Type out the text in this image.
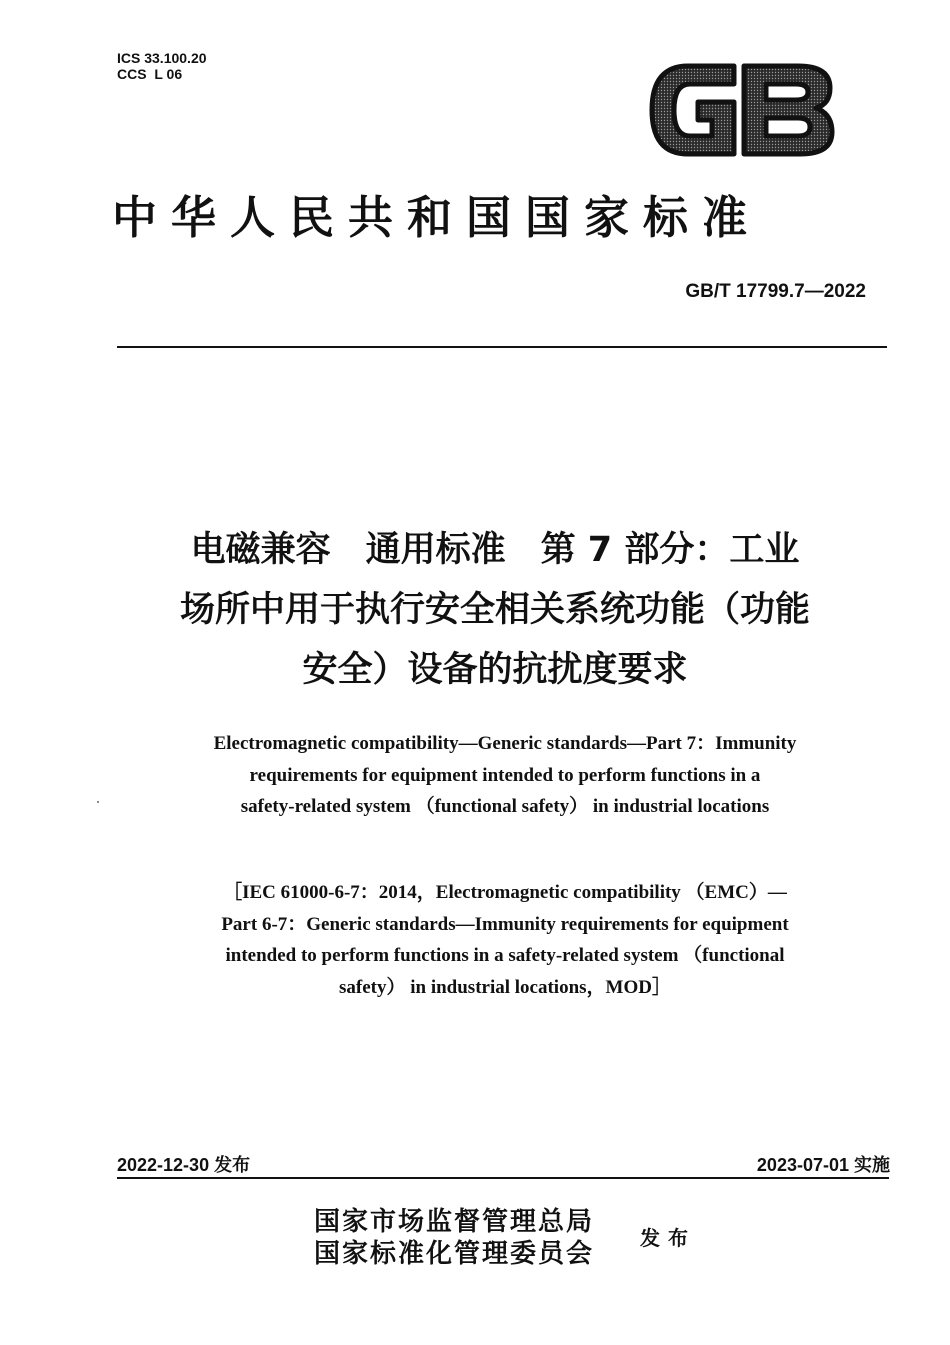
ICS 33.100.20
CCS  L 06
中华人民共和国国家标准
GB/T 17799.7—2022
电磁兼容　通用标准　第 7 部分：工业
场所中用于执行安全相关系统功能（功能
安全）设备的抗扰度要求
Electromagnetic compatibility—Generic standards—Part 7：Immunity
requirements for equipment intended to perform functions in a
safety-related system （functional safety） in industrial locations
［IEC 61000-6-7：2014，Electromagnetic compatibility （EMC）—
Part 6-7：Generic standards—Immunity requirements for equipment
intended to perform functions in a safety-related system （functional
safety） in industrial locations，MOD］
2022-12-30 发布	2023-07-01 实施
国家市场监督管理总局
国家标准化管理委员会
发布
